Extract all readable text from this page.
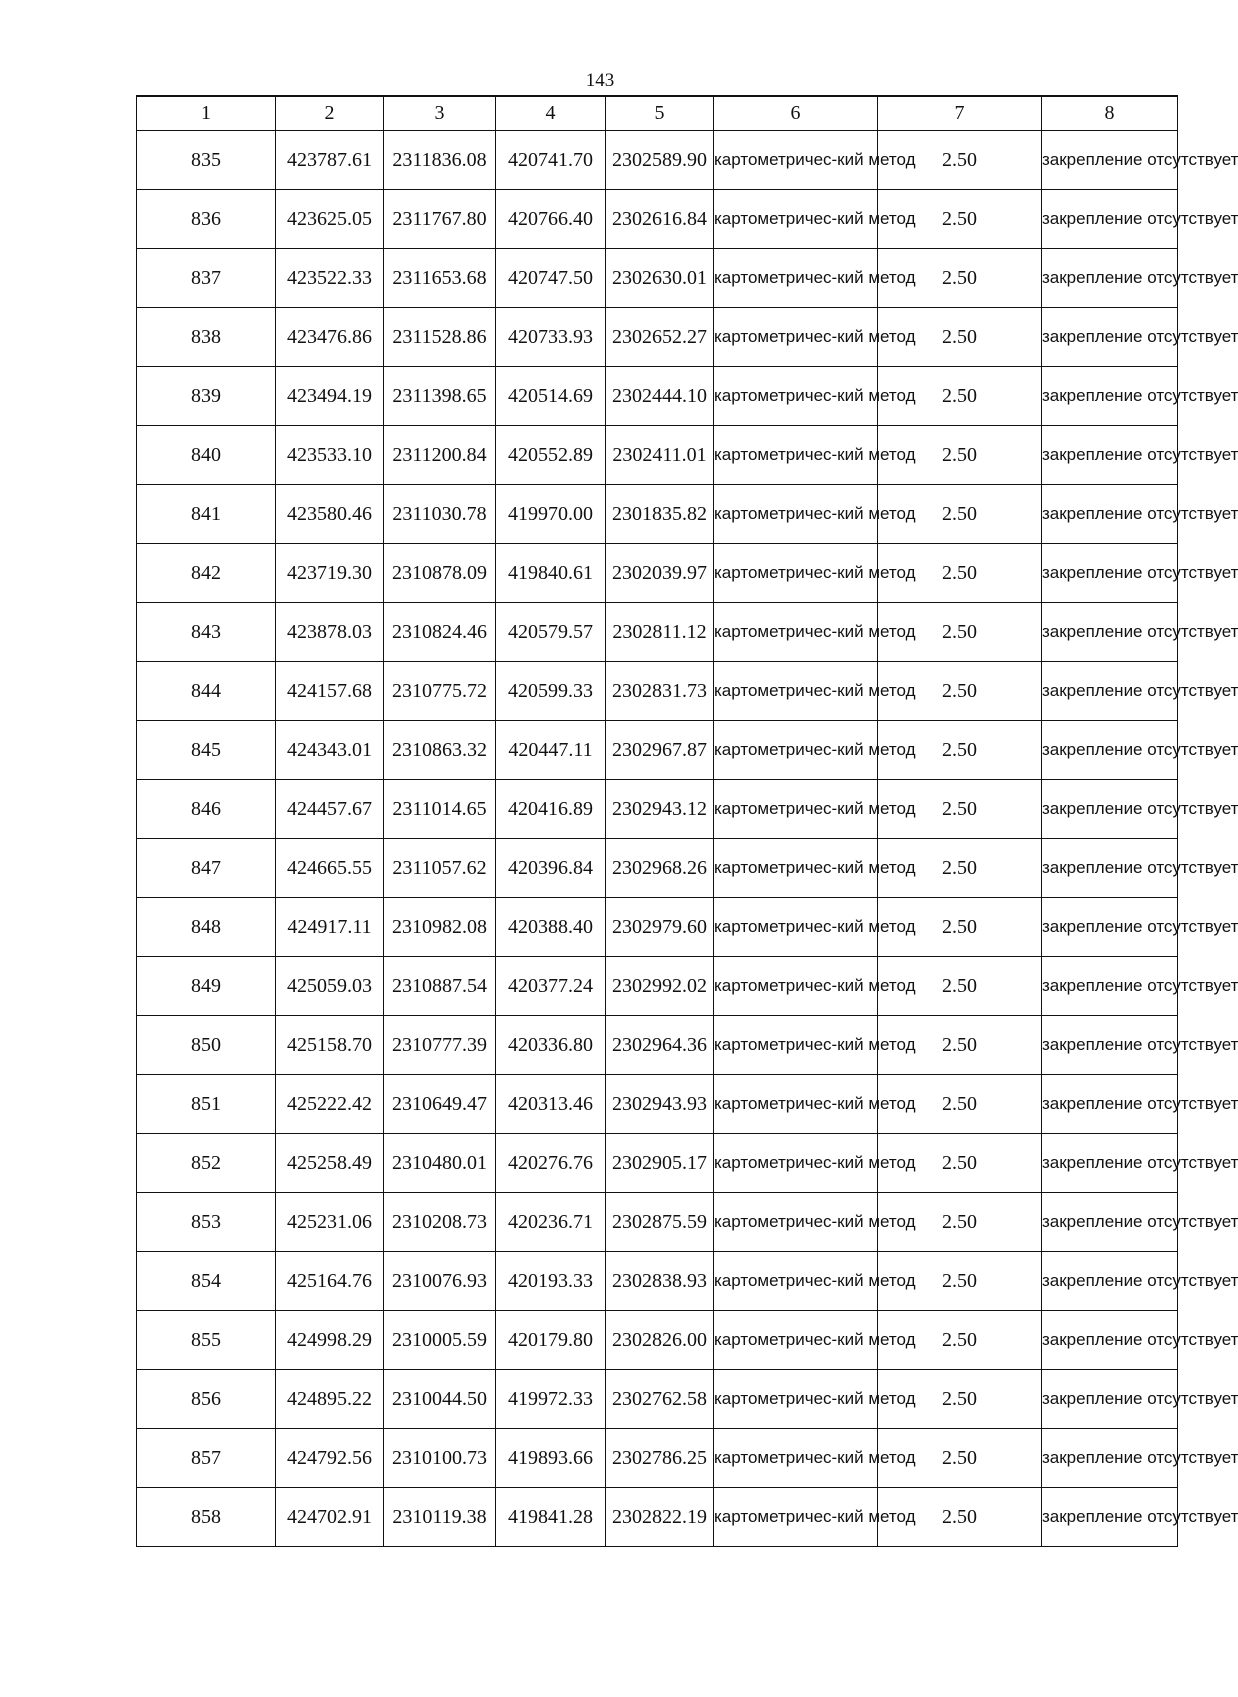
143
1	2	3	4	5	6	7	8
835	423787.61	2311836.08	420741.70	2302589.90	картометричес-кий метод	2.50	закрепление отсутствует
836	423625.05	2311767.80	420766.40	2302616.84	картометричес-кий метод	2.50	закрепление отсутствует
837	423522.33	2311653.68	420747.50	2302630.01	картометричес-кий метод	2.50	закрепление отсутствует
838	423476.86	2311528.86	420733.93	2302652.27	картометричес-кий метод	2.50	закрепление отсутствует
839	423494.19	2311398.65	420514.69	2302444.10	картометричес-кий метод	2.50	закрепление отсутствует
840	423533.10	2311200.84	420552.89	2302411.01	картометричес-кий метод	2.50	закрепление отсутствует
841	423580.46	2311030.78	419970.00	2301835.82	картометричес-кий метод	2.50	закрепление отсутствует
842	423719.30	2310878.09	419840.61	2302039.97	картометричес-кий метод	2.50	закрепление отсутствует
843	423878.03	2310824.46	420579.57	2302811.12	картометричес-кий метод	2.50	закрепление отсутствует
844	424157.68	2310775.72	420599.33	2302831.73	картометричес-кий метод	2.50	закрепление отсутствует
845	424343.01	2310863.32	420447.11	2302967.87	картометричес-кий метод	2.50	закрепление отсутствует
846	424457.67	2311014.65	420416.89	2302943.12	картометричес-кий метод	2.50	закрепление отсутствует
847	424665.55	2311057.62	420396.84	2302968.26	картометричес-кий метод	2.50	закрепление отсутствует
848	424917.11	2310982.08	420388.40	2302979.60	картометричес-кий метод	2.50	закрепление отсутствует
849	425059.03	2310887.54	420377.24	2302992.02	картометричес-кий метод	2.50	закрепление отсутствует
850	425158.70	2310777.39	420336.80	2302964.36	картометричес-кий метод	2.50	закрепление отсутствует
851	425222.42	2310649.47	420313.46	2302943.93	картометричес-кий метод	2.50	закрепление отсутствует
852	425258.49	2310480.01	420276.76	2302905.17	картометричес-кий метод	2.50	закрепление отсутствует
853	425231.06	2310208.73	420236.71	2302875.59	картометричес-кий метод	2.50	закрепление отсутствует
854	425164.76	2310076.93	420193.33	2302838.93	картометричес-кий метод	2.50	закрепление отсутствует
855	424998.29	2310005.59	420179.80	2302826.00	картометричес-кий метод	2.50	закрепление отсутствует
856	424895.22	2310044.50	419972.33	2302762.58	картометричес-кий метод	2.50	закрепление отсутствует
857	424792.56	2310100.73	419893.66	2302786.25	картометричес-кий метод	2.50	закрепление отсутствует
858	424702.91	2310119.38	419841.28	2302822.19	картометричес-кий метод	2.50	закрепление отсутствует
